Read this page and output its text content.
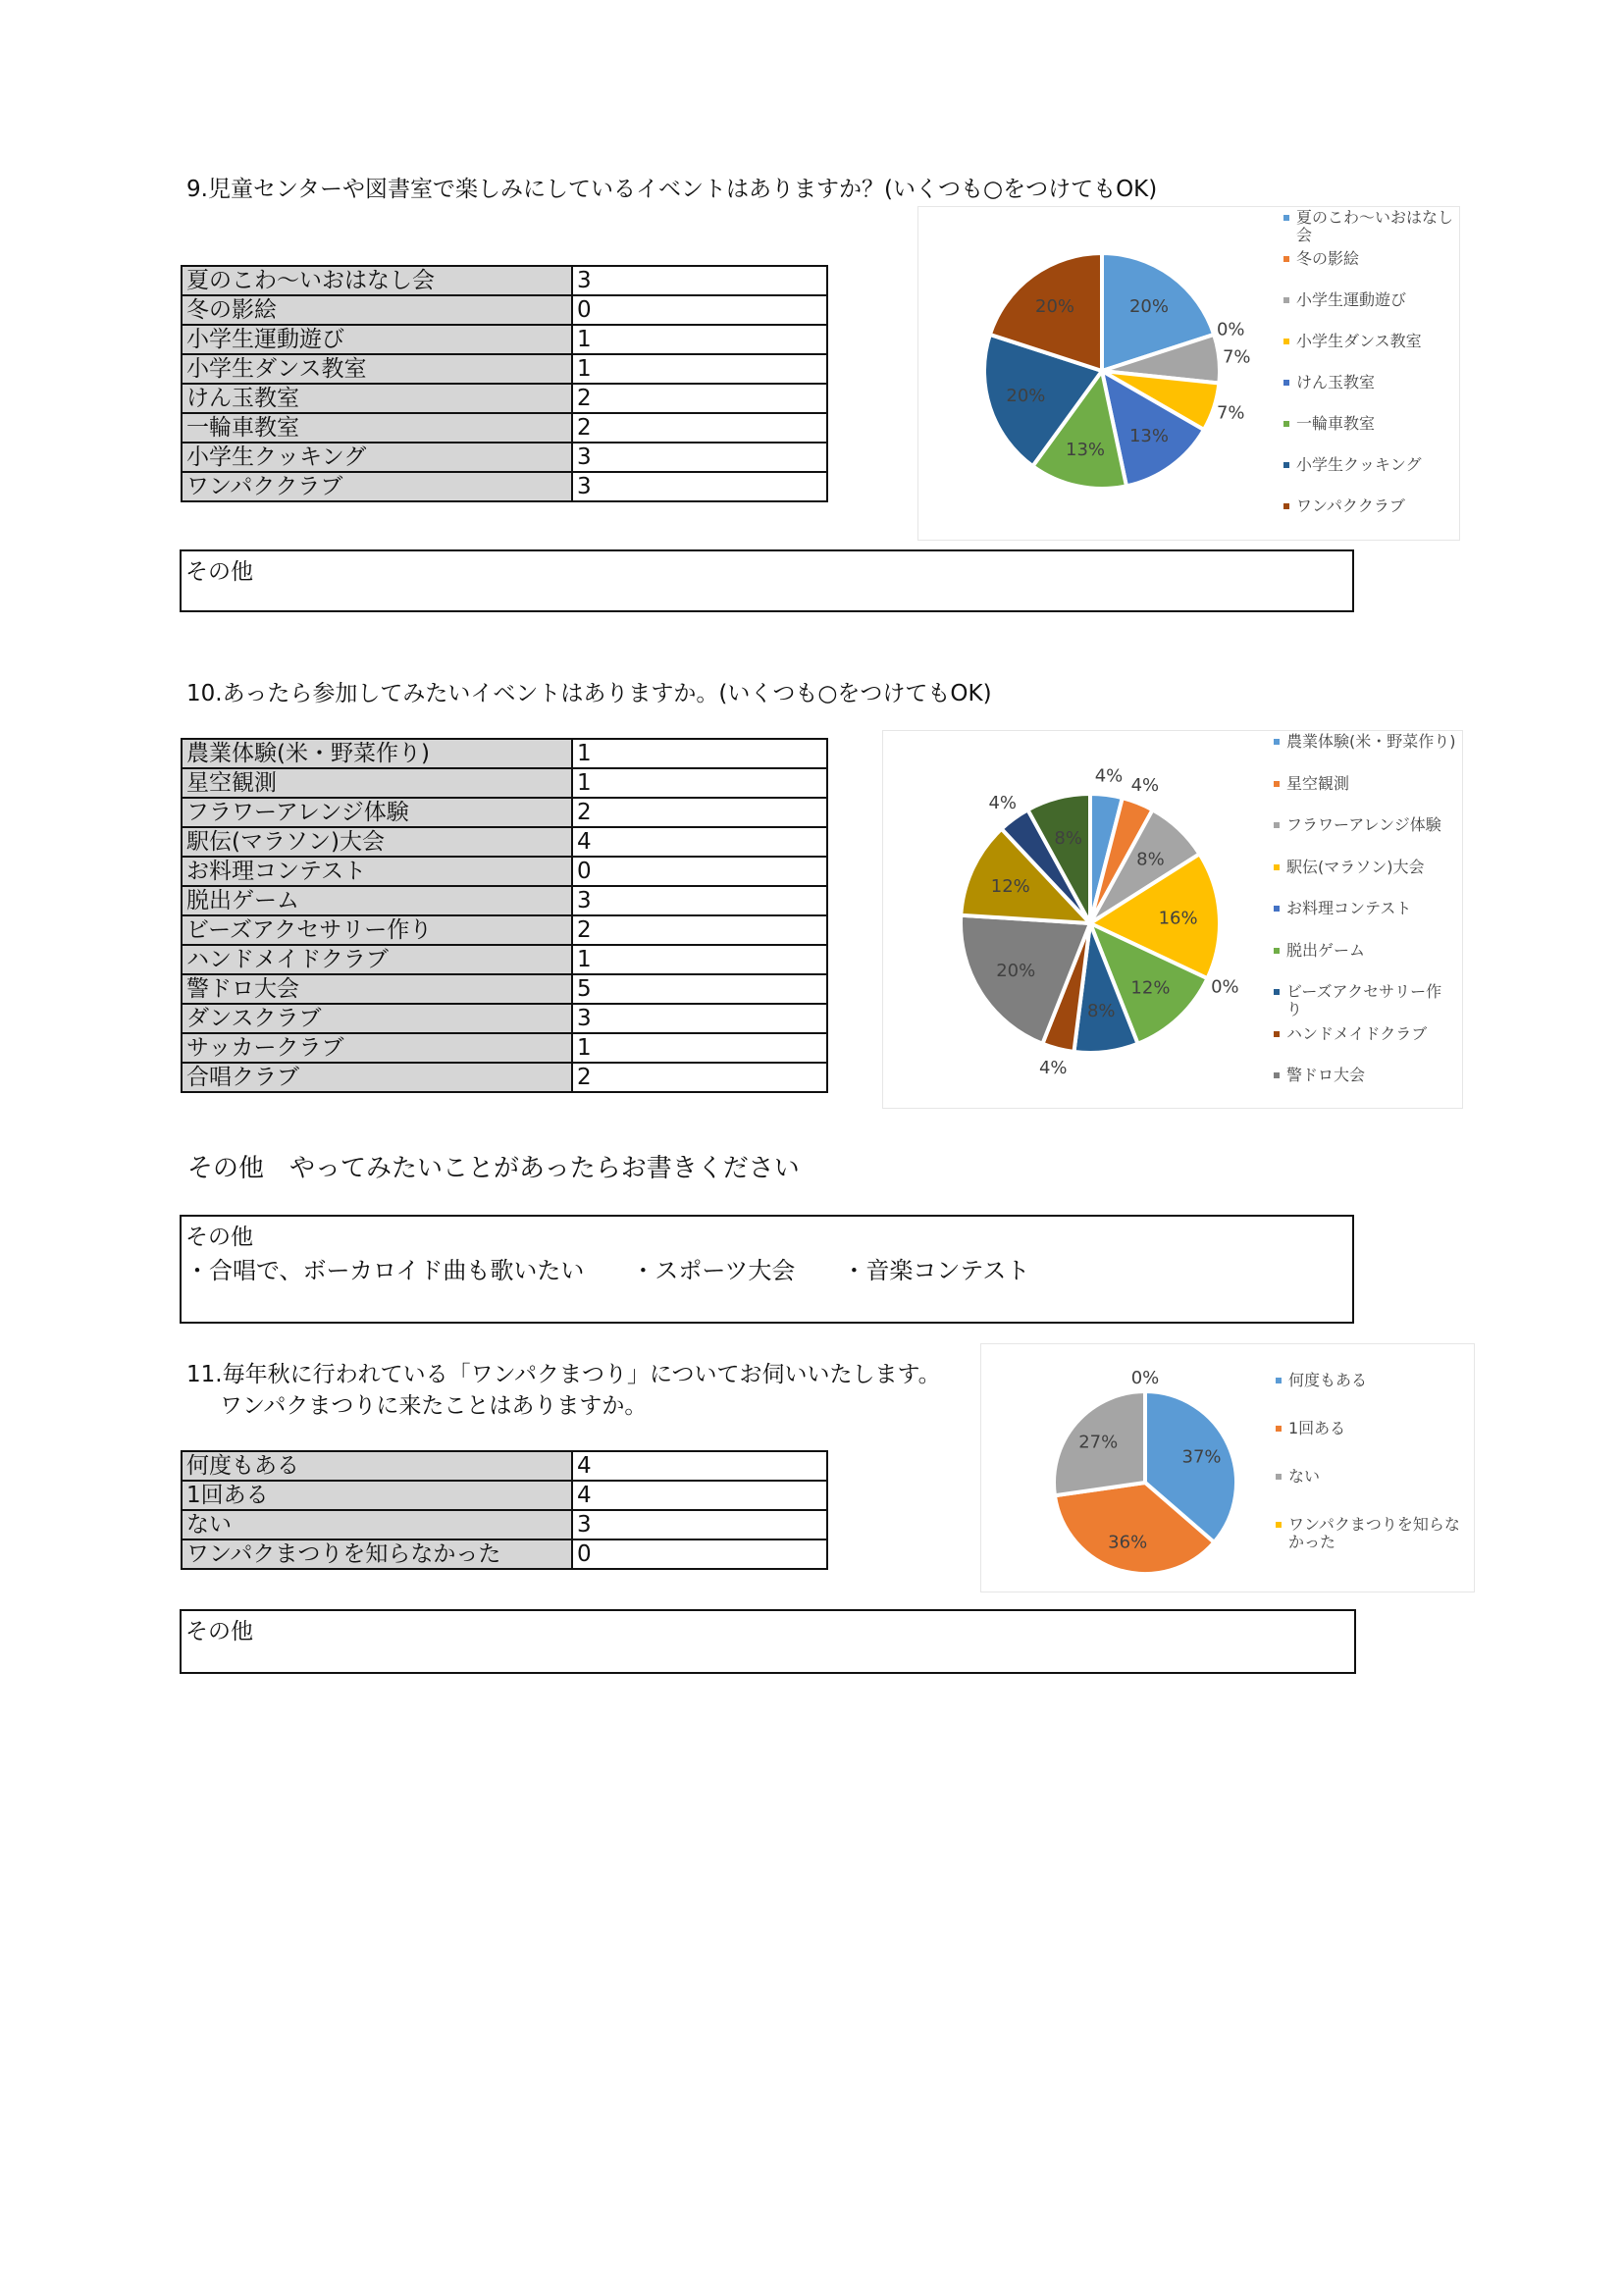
9.児童センターや図書室で楽しみにしているイベントはありますか？(いくつも○をつけてもOK)
夏のこわ～いおはなし会	3
冬の影絵	0
小学生運動遊び	1
小学生ダンス教室	1
けん玉教室	2
一輪車教室	2
小学生クッキング	3
ワンパククラブ	3
20%
0%
7%
7%
13%
13%
20%
20%
夏のこわ～いおはなし会
冬の影絵
小学生運動遊び
小学生ダンス教室
けん玉教室
一輪車教室
小学生クッキング
ワンパククラブ
その他
10.あったら参加してみたいイベントはありますか。(いくつも○をつけてもOK)
農業体験(米・野菜作り)	1
星空観測	1
フラワーアレンジ体験	2
駅伝(マラソン)大会	4
お料理コンテスト	0
脱出ゲーム	3
ビーズアクセサリー作り	2
ハンドメイドクラブ	1
警ドロ大会	5
ダンスクラブ	3
サッカークラブ	1
合唱クラブ	2
4% 4%
8%
16%
0%
12%
8%
4%
20%
12%
4%
8%
農業体験(米・野菜作り)
星空観測
フラワーアレンジ体験
駅伝(マラソン)大会
お料理コンテスト
脱出ゲーム
ビーズアクセサリー作り
ハンドメイドクラブ
警ドロ大会
その他　やってみたいことがあったらお書きください
その他
・合唱で、ボーカロイド曲も歌いたい　　・スポーツ大会　　・音楽コンテスト
11.毎年秋に行われている「ワンパクまつり」についてお伺いいたします。
ワンパクまつりに来たことはありますか。
何度もある	4
1回ある	4
ない	3
ワンパクまつりを知らなかった	0
37%
36%
27%
0%	何度もある
1回ある
ない
ワンパクまつりを知らなかった
その他
